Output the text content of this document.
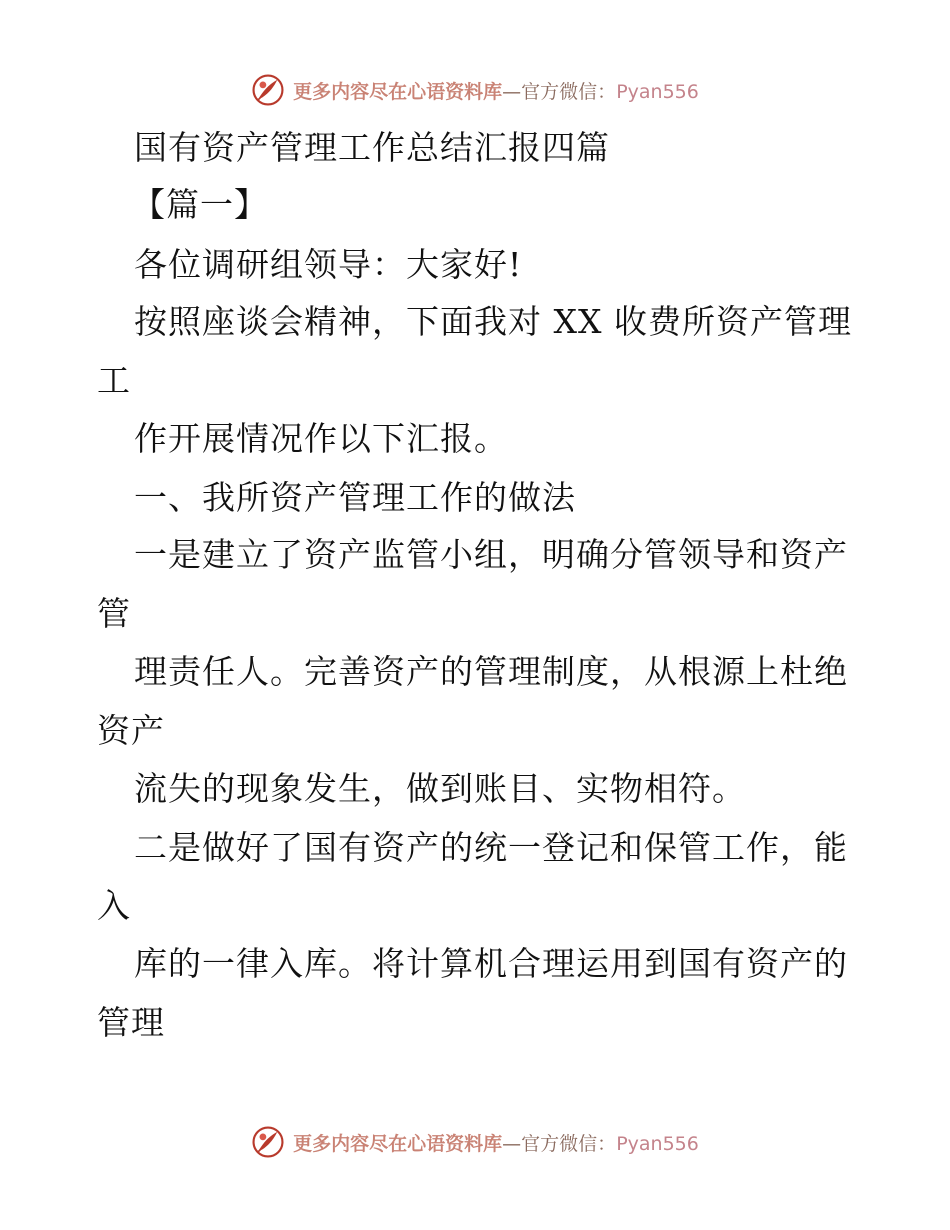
更多内容尽在心语资料库—官方微信：Pyan556
国有资产管理工作总结汇报四篇
【篇一】
各位调研组领导：大家好!
按照座谈会精神，下面我对 XX 收费所资产管理
工
作开展情况作以下汇报。
一、我所资产管理工作的做法
一是建立了资产监管小组，明确分管领导和资产
管
理责任人。完善资产的管理制度，从根源上杜绝
资产
流失的现象发生，做到账目、实物相符。
二是做好了国有资产的统一登记和保管工作，能
入
库的一律入库。将计算机合理运用到国有资产的
管理
更多内容尽在心语资料库—官方微信：Pyan556
